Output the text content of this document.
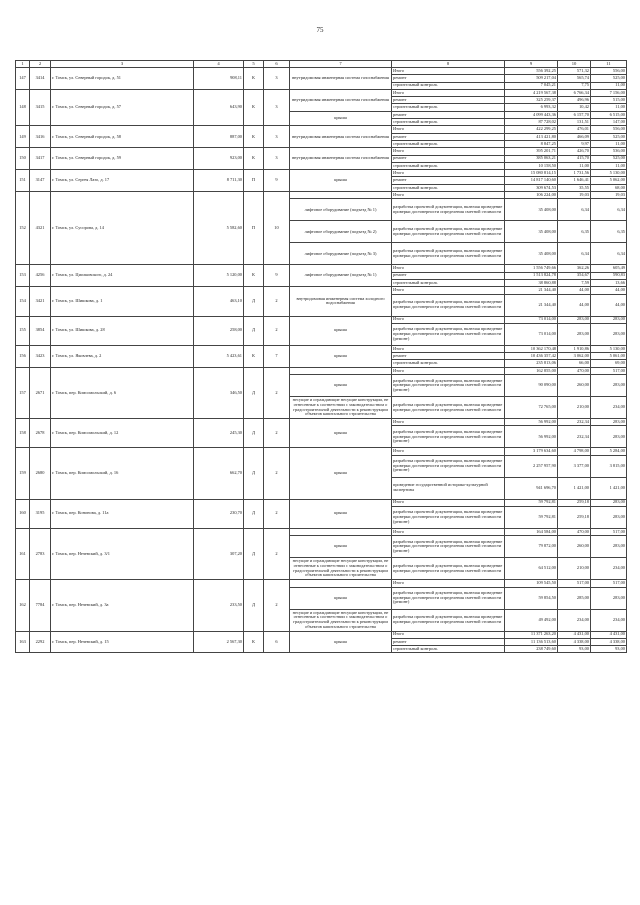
75
1	2	3	4	5	6	7	8	9	10	11
147	3414	г. Томск, ул. Северный городок, д. 51	908,11	К	3	внутридомовая инженерная система газоснабжения	Итого	556 392,25	571,32	556,00
							ремонт	509 217,04	565,74	525,00
							строительный контроль	7 045,21	7,75	11,00
148	3415	г. Томск, ул. Северный городок, д. 57	643,90	К	3	внутридомовая инженерная система газоснабжения	Итого	4 219 567,38	6 766,34	7 156,00
							ремонт	325 259,37	496,96	515,00
							строительный контроль	6 993,32	10,42	11,00
						крыша	ремонт	4 099 443,36	6 157,70	6 515,00
							строительный контроль	87 728,02	131,51	147,00
149	3416	г. Томск, ул. Северный городок, д. 58	887,00	К	3	внутридомовая инженерная система газоснабжения	Итого	422 299,25	476,01	556,00
							ремонт	413 421,80	466,09	525,00
							строительный контроль	8 847,25	9,97	11,00
150	3417	г. Томск, ул. Северный городок, д. 59	923,00	К	3	внутридомовая инженерная система газоснабжения	Итого	395 201,71	426,70	536,00
							ремонт	385 063,21	415,70	525,00
							строительный контроль	10 158,50	11,00	11,00
151	3147	г. Томск, ул. Сергея Лазо, д. 17	8 711,30	П	9	крыша	Итого	15 080 814,15	1 731,56	5 130,00
							ремонт	14 817 140,60	1 646,41	5 062,00
							строительный контроль	309 674,53	35,55	68,00
152	4321	г. Томск, ул. Сусорова, д. 14	5 582,60	П	10		Итого	106 224,00	19,03	19,03
						лифтовое оборудование (подъезд № 1)	разработка проектной документации, включая проведение проверки достоверности определения сметной стоимости	35 408,00	6,34	6,34
						лифтовое оборудование (подъезд № 2)	разработка проектной документации, включая проведение проверки достоверности определения сметной стоимости	35 408,00	6,35	6,35
						лифтовое оборудование (подъезд № 3)	разработка проектной документации, включая проведение проверки достоверности определения сметной стоимости	35 408,00	6,34	6,34
153	4256	г. Томск, ул. Циолковского, д. 24	5 120,00	К	9	лифтовое оборудование (подъезд № 1)	Итого	1 556 749,66	362,26	605,49
							ремонт	1 513 824,78	354,67	590,83
							строительный контроль	38 860,88	7,59	13,66
154	3421	г. Томск, ул. Шишкова, д. 1	463,10	Д	2	внутридомовая инженерная система холодного водоснабжения	Итого	21 344,40	44,00	44,00
							разработка проектной документации, включая проведение проверки достоверности определения сметной стоимости	21 344,40	44,00	44,00
155	3854	г. Томск, ул. Шишкова, д. 28	258,00	Д	2	крыша	Итого	73 014,00	283,00	283,00
							разработка проектной документации, включая проведение проверки достоверности определения сметной стоимости (ремонт)	73 014,00	283,00	283,00
156	3423	г. Томск, ул. Яковлева, д. 2	5 423,61	К	7	крыша	Итого	10 362 170,48	1 910,86	5 130,00
							ремонт	10 436 357,42	3 062,00	5 061,00
							строительный контроль	235 813,06	66,00	69,00
157	2671	г. Томск, пер. Комсомольский, д. 6	346,50	Д	2		Итого	162 855,00	470,00	517,00
						крыша	разработка проектной документации, включая проведение проверки достоверности определения сметной стоимости (ремонт)	90 090,00	260,00	283,00
						несущие и ограждающие несущие конструкции, не отнесенные к соответствии с законодательством о градостроительной деятельности к реконструкции объектов капитального строительства	разработка проектной документации, включая проведение проверки достоверности определения сметной стоимости	72 765,00	210,00	234,00
158	2678	г. Томск, пер. Комсомольский, д. 12	245,30	Д	2	крыша	Итого	56 992,00	232,34	283,00
							разработка проектной документации, включая проведение проверки достоверности определения сметной стоимости (ремонт)	56 992,00	232,34	283,00
159	2680	г. Томск, пер. Комсомольский, д. 16	662,70	Д	2	крыша	Итого	3 179 634,60	4 798,00	5 284,00
							разработка проектной документации, включая проведение проверки достоверности определения сметной стоимости (ремонт)	2 257 957,90	3 377,00	3 815,00
							проведение государственной историко-культурной экспертизы	941 696,70	1 421,00	1 421,00
160	3195	г. Томск, пер. Кононова, д. 11а	230,70	Д	2	крыша	Итого	59 792,81	259,18	283,00
							разработка проектной документации, включая проведение проверки достоверности определения сметной стоимости (ремонт)	59 792,81	259,18	283,00
161	2783	г. Томск, пер. Нечевский, д. 3/1	307,20	Д	2		Итого	164 584,00	470,00	517,00
						крыша	разработка проектной документации, включая проведение проверки достоверности определения сметной стоимости (ремонт)	79 872,00	260,00	283,00
						несущие и ограждающие несущие конструкции, не отнесенные к соответствии с законодательством о градостроительной деятельности к реконструкции объектов капитального строительства	разработка проектной документации, включая проведение проверки достоверности определения сметной стоимости	64 512,00	210,00	234,00
162	7784	г. Томск, пер. Нечевский, д. 3а	233,50	Д	2		Итого	109 545,50	517,00	517,00
						крыша	разработка проектной документации, включая проведение проверки достоверности определения сметной стоимости (ремонт)	59 854,50	285,00	283,00
						несущие и ограждающие несущие конструкции, не отнесенные к соответствии с законодательством о градостроительной деятельности к реконструкции объектов капитального строительства	разработка проектной документации, включая проведение проверки достоверности определения сметной стоимости	49 492,00	234,00	234,00
163	2292	г. Томск, пер. Нечевский, д. 15	2 567,30	К	6	крыша	Итого	11 371 263,20	4 431,00	4 431,00
							ремонт	11 136 513,60	4 338,00	4 338,00
							строительный контроль	238 749,60	93,00	93,00
